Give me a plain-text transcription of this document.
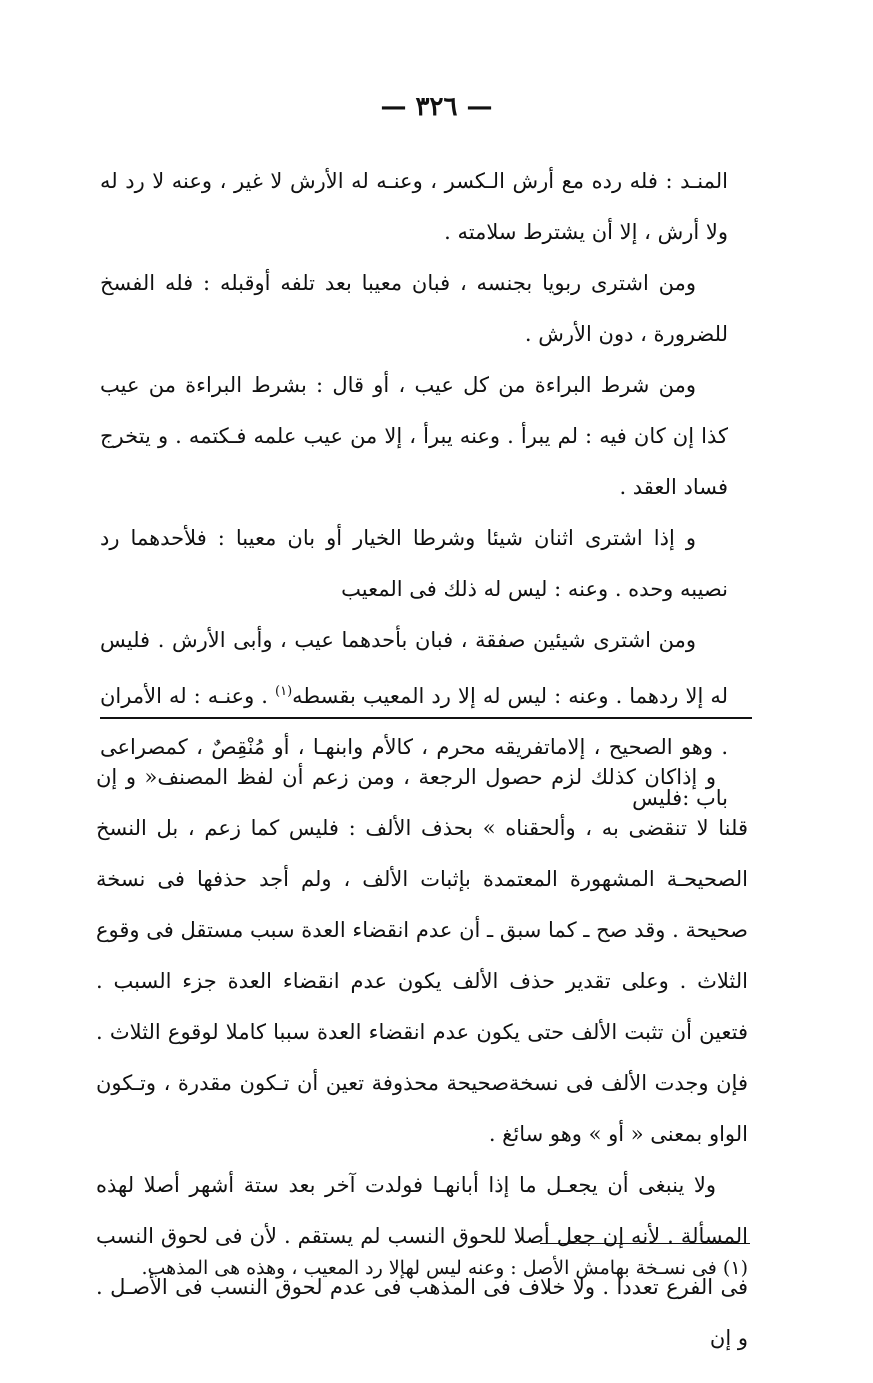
— ٣٢٦ —

المنـد : فله رده مع أرش الـكسر ، وعنـه له الأرش لا غير ، وعنه لا رد له ولا أرش ، إلا أن يشترط سلامته .

ومن اشترى ربويا بجنسه ، فبان معيبا بعد تلفه أوقبله : فله الفسخ للضرورة ، دون الأرش .

ومن شرط البراءة من كل عيب ، أو قال : بشرط البراءة من عيب كذا إن كان فيه : لم يبرأ . وعنه يبرأ ، إلا من عيب علمه فـكتمه . و يتخرج فساد العقد .

و إذا اشترى اثنان شيئا وشرطا الخيار أو بان معيبا : فلأحدهما رد نصيبه وحده . وعنه : ليس له ذلك فى المعيب

ومن اشترى شيئين صفقة ، فبان بأحدهما عيب ، وأبى الأرش . فليس له إلا ردهما . وعنه : ليس له إلا رد المعيب بقسطه$^{(١)}$ . وعنـه : له الأمران . وهو الصحيح ، إلاماتفريقه محرم ، كالأم وابنهـا ، أو مُنْقِصٌ ، كمصراعى باب :فليس

و إذاكان كذلك لزم حصول الرجعة ، ومن زعم أن لفظ المصنف« و إن قلنا لا تنقضى به ، وألحقناه » بحذف الألف : فليس كما زعم ، بل النسخ الصحيحـة المشهورة المعتمدة بإثبات الألف ، ولم أجد حذفها فى نسخة صحيحة . وقد صح ـ كما سبق ـ أن عدم انقضاء العدة سبب مستقل فى وقوع الثلاث . وعلى تقدير حذف الألف يكون عدم انقضاء العدة جزء السبب . فتعين أن تثبت الألف حتى يكون عدم انقضاء العدة سببا كاملا لوقوع الثلاث . فإن وجدت الألف فى نسخةصحيحة محذوفة تعين أن تـكون مقدرة ، وتـكون الواو بمعنى « أو » وهو سائغ .

ولا ينبغى أن يجعـل ما إذا أبانهـا فولدت آخر بعد ستة أشهر أصلا لهذه المسألة . لأنه إن جعل أصلا للحوق النسب لم يستقم . لأن فى لحوق النسب فى الفرع تعددا . ولا خلاف فى المذهب فى عدم لحوق النسب فى الأصـل . و إن

(١) فى نسـخة بهامش الأصل : وعنه ليس لهإلا رد المعيب ، وهذه هى المذهب.
